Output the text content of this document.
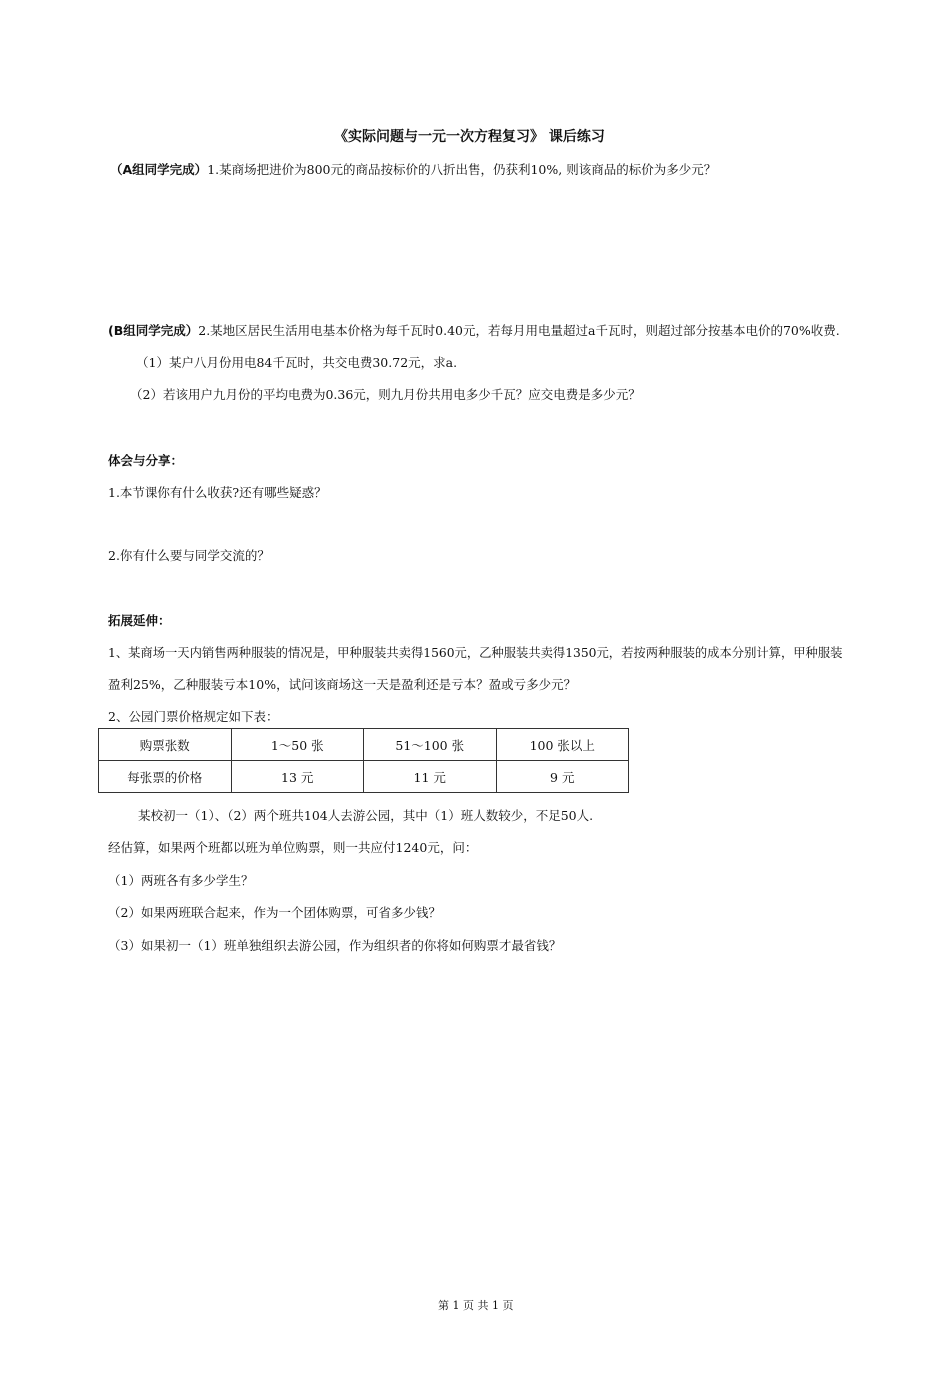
《实际问题与一元一次方程复习》 课后练习
（A组同学完成）1.某商场把进价为800元的商品按标价的八折出售，仍获利10%, 则该商品的标价为多少元？
(B组同学完成）2.某地区居民生活用电基本价格为每千瓦时0.40元，若每月用电量超过a千瓦时，则超过部分按基本电价的70%收费.
（1）某户八月份用电84千瓦时，共交电费30.72元，求a.
（2）若该用户九月份的平均电费为0.36元，则九月份共用电多少千瓦？应交电费是多少元？
体会与分享：
1.本节课你有什么收获?还有哪些疑惑？
2.你有什么要与同学交流的？
拓展延伸：
1、某商场一天内销售两种服装的情况是，甲种服装共卖得1560元，乙种服装共卖得1350元，若按两种服装的成本分别计算，甲种服装
盈利25%，乙种服装亏本10%，试问该商场这一天是盈利还是亏本？盈或亏多少元？
2、公园门票价格规定如下表：
购票张数	1～50 张	51～100 张	100 张以上
每张票的价格	13 元	11 元	9 元
某校初一（1）、（2）两个班共104人去游公园，其中（1）班人数较少，不足50人.
经估算，如果两个班都以班为单位购票，则一共应付1240元，问：
（1）两班各有多少学生？
（2）如果两班联合起来，作为一个团体购票，可省多少钱？
（3）如果初一（1）班单独组织去游公园，作为组织者的你将如何购票才最省钱？
第 1 页 共 1 页
